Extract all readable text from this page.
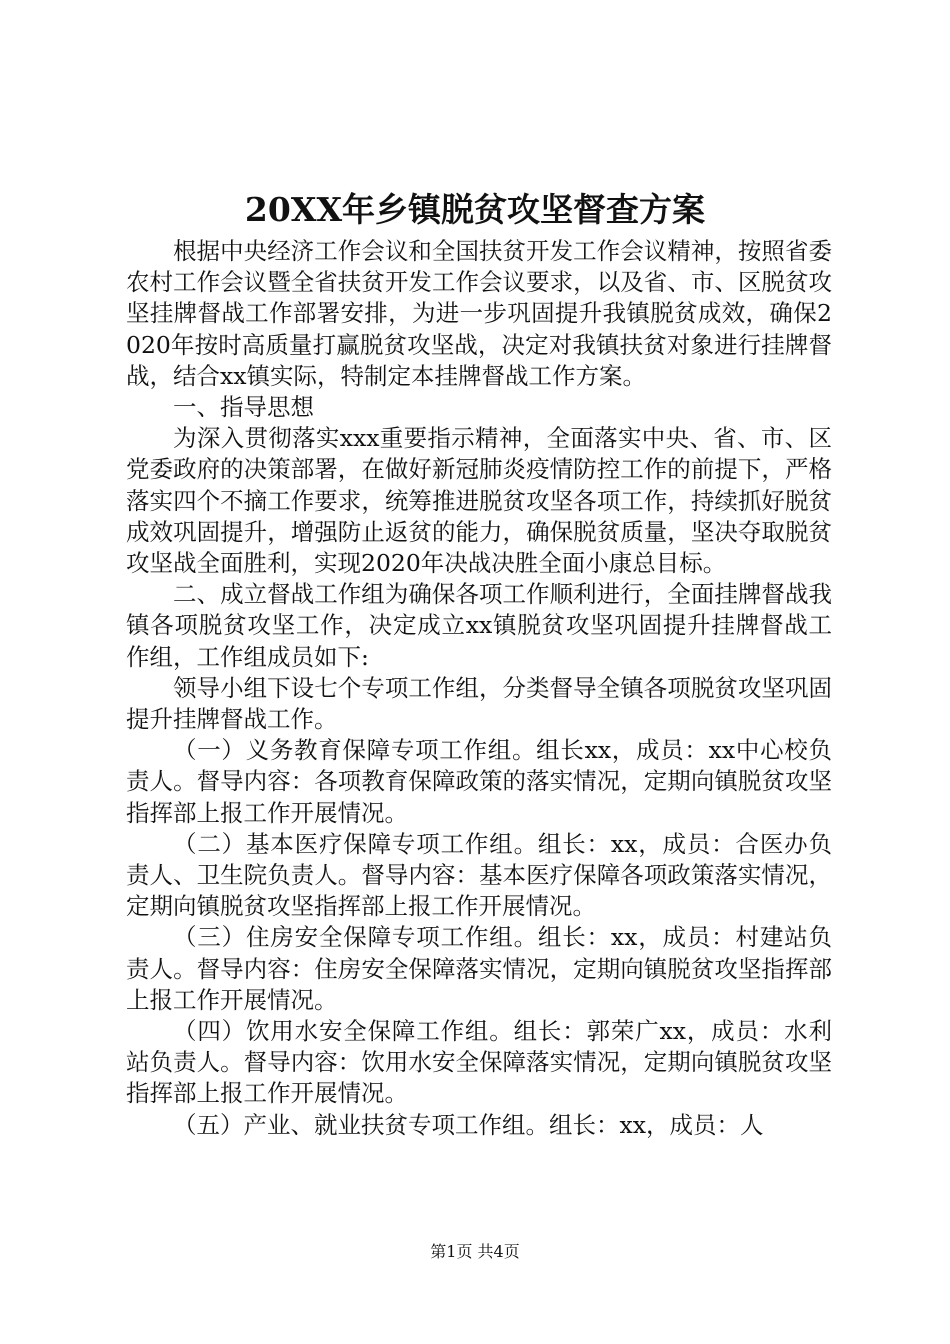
20XX年乡镇脱贫攻坚督查方案

根据中央经济工作会议和全国扶贫开发工作会议精神，按照省委农村工作会议暨全省扶贫开发工作会议要求，以及省、市、区脱贫攻坚挂牌督战工作部署安排，为进一步巩固提升我镇脱贫成效，确保2020年按时高质量打赢脱贫攻坚战，决定对我镇扶贫对象进行挂牌督战，结合xx镇实际，特制定本挂牌督战工作方案。

一、指导思想

为深入贯彻落实xxx重要指示精神，全面落实中央、省、市、区党委政府的决策部署，在做好新冠肺炎疫情防控工作的前提下，严格落实四个不摘工作要求，统筹推进脱贫攻坚各项工作，持续抓好脱贫成效巩固提升，增强防止返贫的能力，确保脱贫质量，坚决夺取脱贫攻坚战全面胜利，实现2020年决战决胜全面小康总目标。

二、成立督战工作组为确保各项工作顺利进行，全面挂牌督战我镇各项脱贫攻坚工作，决定成立xx镇脱贫攻坚巩固提升挂牌督战工作组，工作组成员如下:

领导小组下设七个专项工作组，分类督导全镇各项脱贫攻坚巩固提升挂牌督战工作。

（一）义务教育保障专项工作组。组长xx，成员：xx中心校负责人。督导内容：各项教育保障政策的落实情况，定期向镇脱贫攻坚指挥部上报工作开展情况。

（二）基本医疗保障专项工作组。组长：xx，成员：合医办负责人、卫生院负责人。督导内容：基本医疗保障各项政策落实情况，定期向镇脱贫攻坚指挥部上报工作开展情况。

（三）住房安全保障专项工作组。组长：xx，成员：村建站负责人。督导内容：住房安全保障落实情况，定期向镇脱贫攻坚指挥部上报工作开展情况。

（四）饮用水安全保障工作组。组长：郭荣广xx，成员：水利站负责人。督导内容：饮用水安全保障落实情况，定期向镇脱贫攻坚指挥部上报工作开展情况。

（五）产业、就业扶贫专项工作组。组长：xx，成员：人

第1页 共4页
